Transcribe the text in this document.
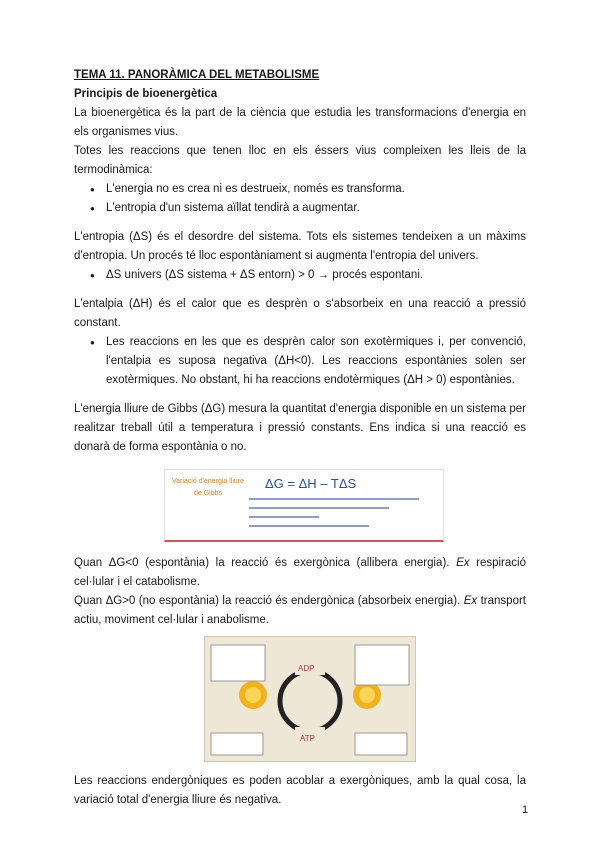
TEMA 11. PANORÀMICA DEL METABOLISME

Principis de bioenergètica

La bioenergètica és la part de la ciència que estudia les transformacions d'energia en els organismes vius.

Totes les reaccions que tenen lloc en els éssers vius compleixen les lleis de la termodinàmica:

● L'energia no es crea ni es destrueix, només es transforma.
● L'entropia d'un sistema aïllat tendirà a augmentar.

L'entropia (ΔS) és el desordre del sistema. Tots els sistemes tendeixen a un màxims d'entropia. Un procés té lloc espontàniament si augmenta l'entropia del univers.

● ΔS univers (ΔS sistema + ΔS entorn) > 0 → procés espontani.

L'entalpia (ΔH) és el calor que es desprèn o s'absorbeix en una reacció a pressió constant.

● Les reaccions en les que es desprèn calor son exotèrmiques i, per convenció, l'entalpia es suposa negativa (ΔH<0). Les reaccions espontànies solen ser exotèrmiques. No obstant, hi ha reaccions endotèrmiques (ΔH > 0) espontànies.

L'energia lliure de Gibbs (ΔG) mesura la quantitat d'energia disponible en un sistema per realitzar treball útil a temperatura i pressió constants. Ens indica si una reacció es donarà de forma espontània o no.

Variació d'energia lliure de Gibbs
ΔG = ΔH – TΔS

Quan ΔG<0 (espontània) la reacció és exergònica (allibera energia). Ex respiració cel·lular i el catabolisme.

Quan ΔG>0 (no espontània) la reacció és endergònica (absorbeix energia). Ex transport actiu, moviment cel·lular i anabolisme.

ADP
ATP

Les reaccions endergòniques es poden acoblar a exergòniques, amb la qual cosa, la variació total d'energia lliure és negativa.

1
